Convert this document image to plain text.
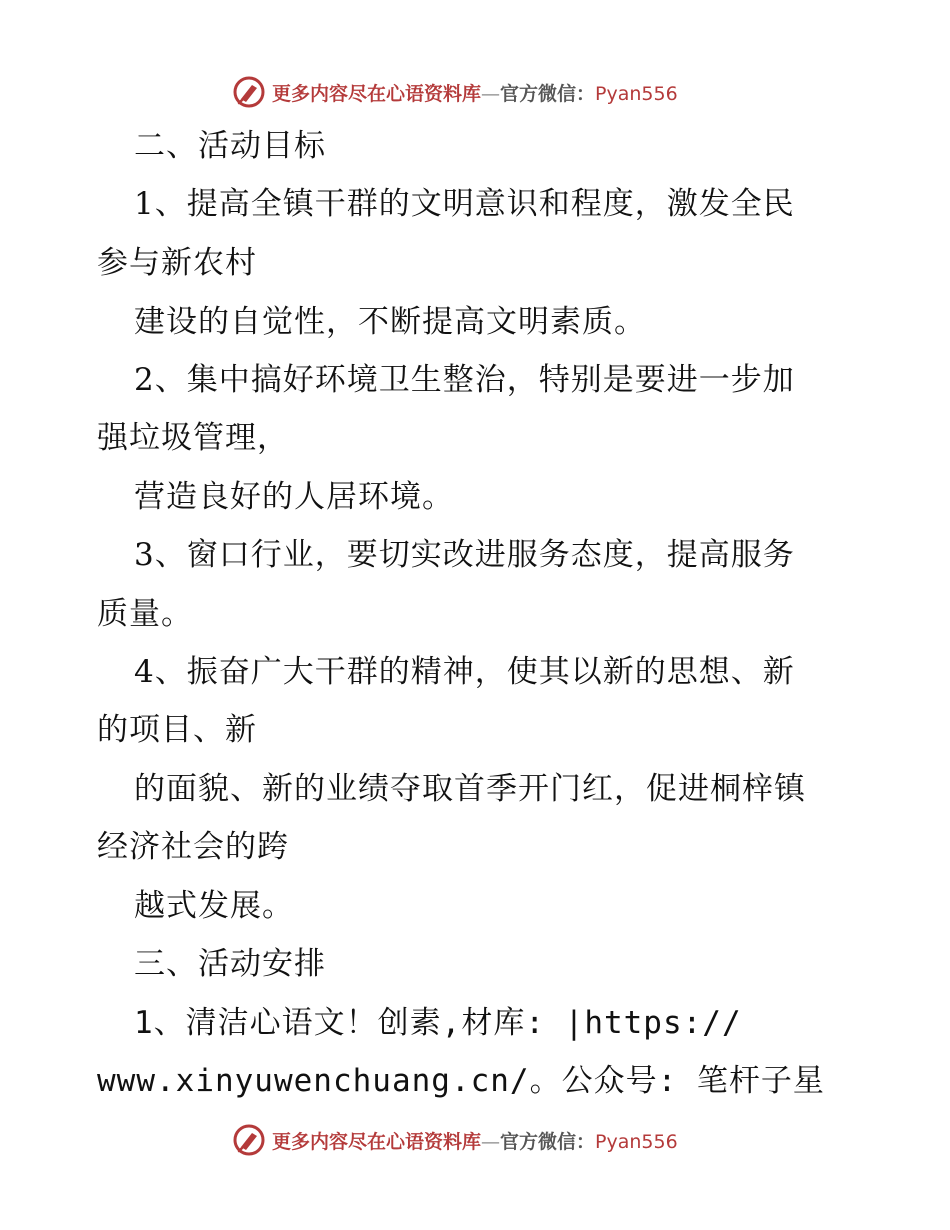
更多内容尽在心语资料库—官方微信：Pyan556
二、活动目标
1、提高全镇干群的文明意识和程度，激发全民
参与新农村
建设的自觉性，不断提高文明素质。
2、集中搞好环境卫生整治，特别是要进一步加
强垃圾管理，
营造良好的人居环境。
3、窗口行业，要切实改进服务态度，提高服务
质量。
4、振奋广大干群的精神，使其以新的思想、新
的项目、新
的面貌、新的业绩夺取首季开门红，促进桐梓镇
经济社会的跨
越式发展。
三、活动安排
1、清洁心语文！创素,材库: |https://
www.xinyuwenchuang.cn/。公众号: 笔杆子星
更多内容尽在心语资料库—官方微信：Pyan556
